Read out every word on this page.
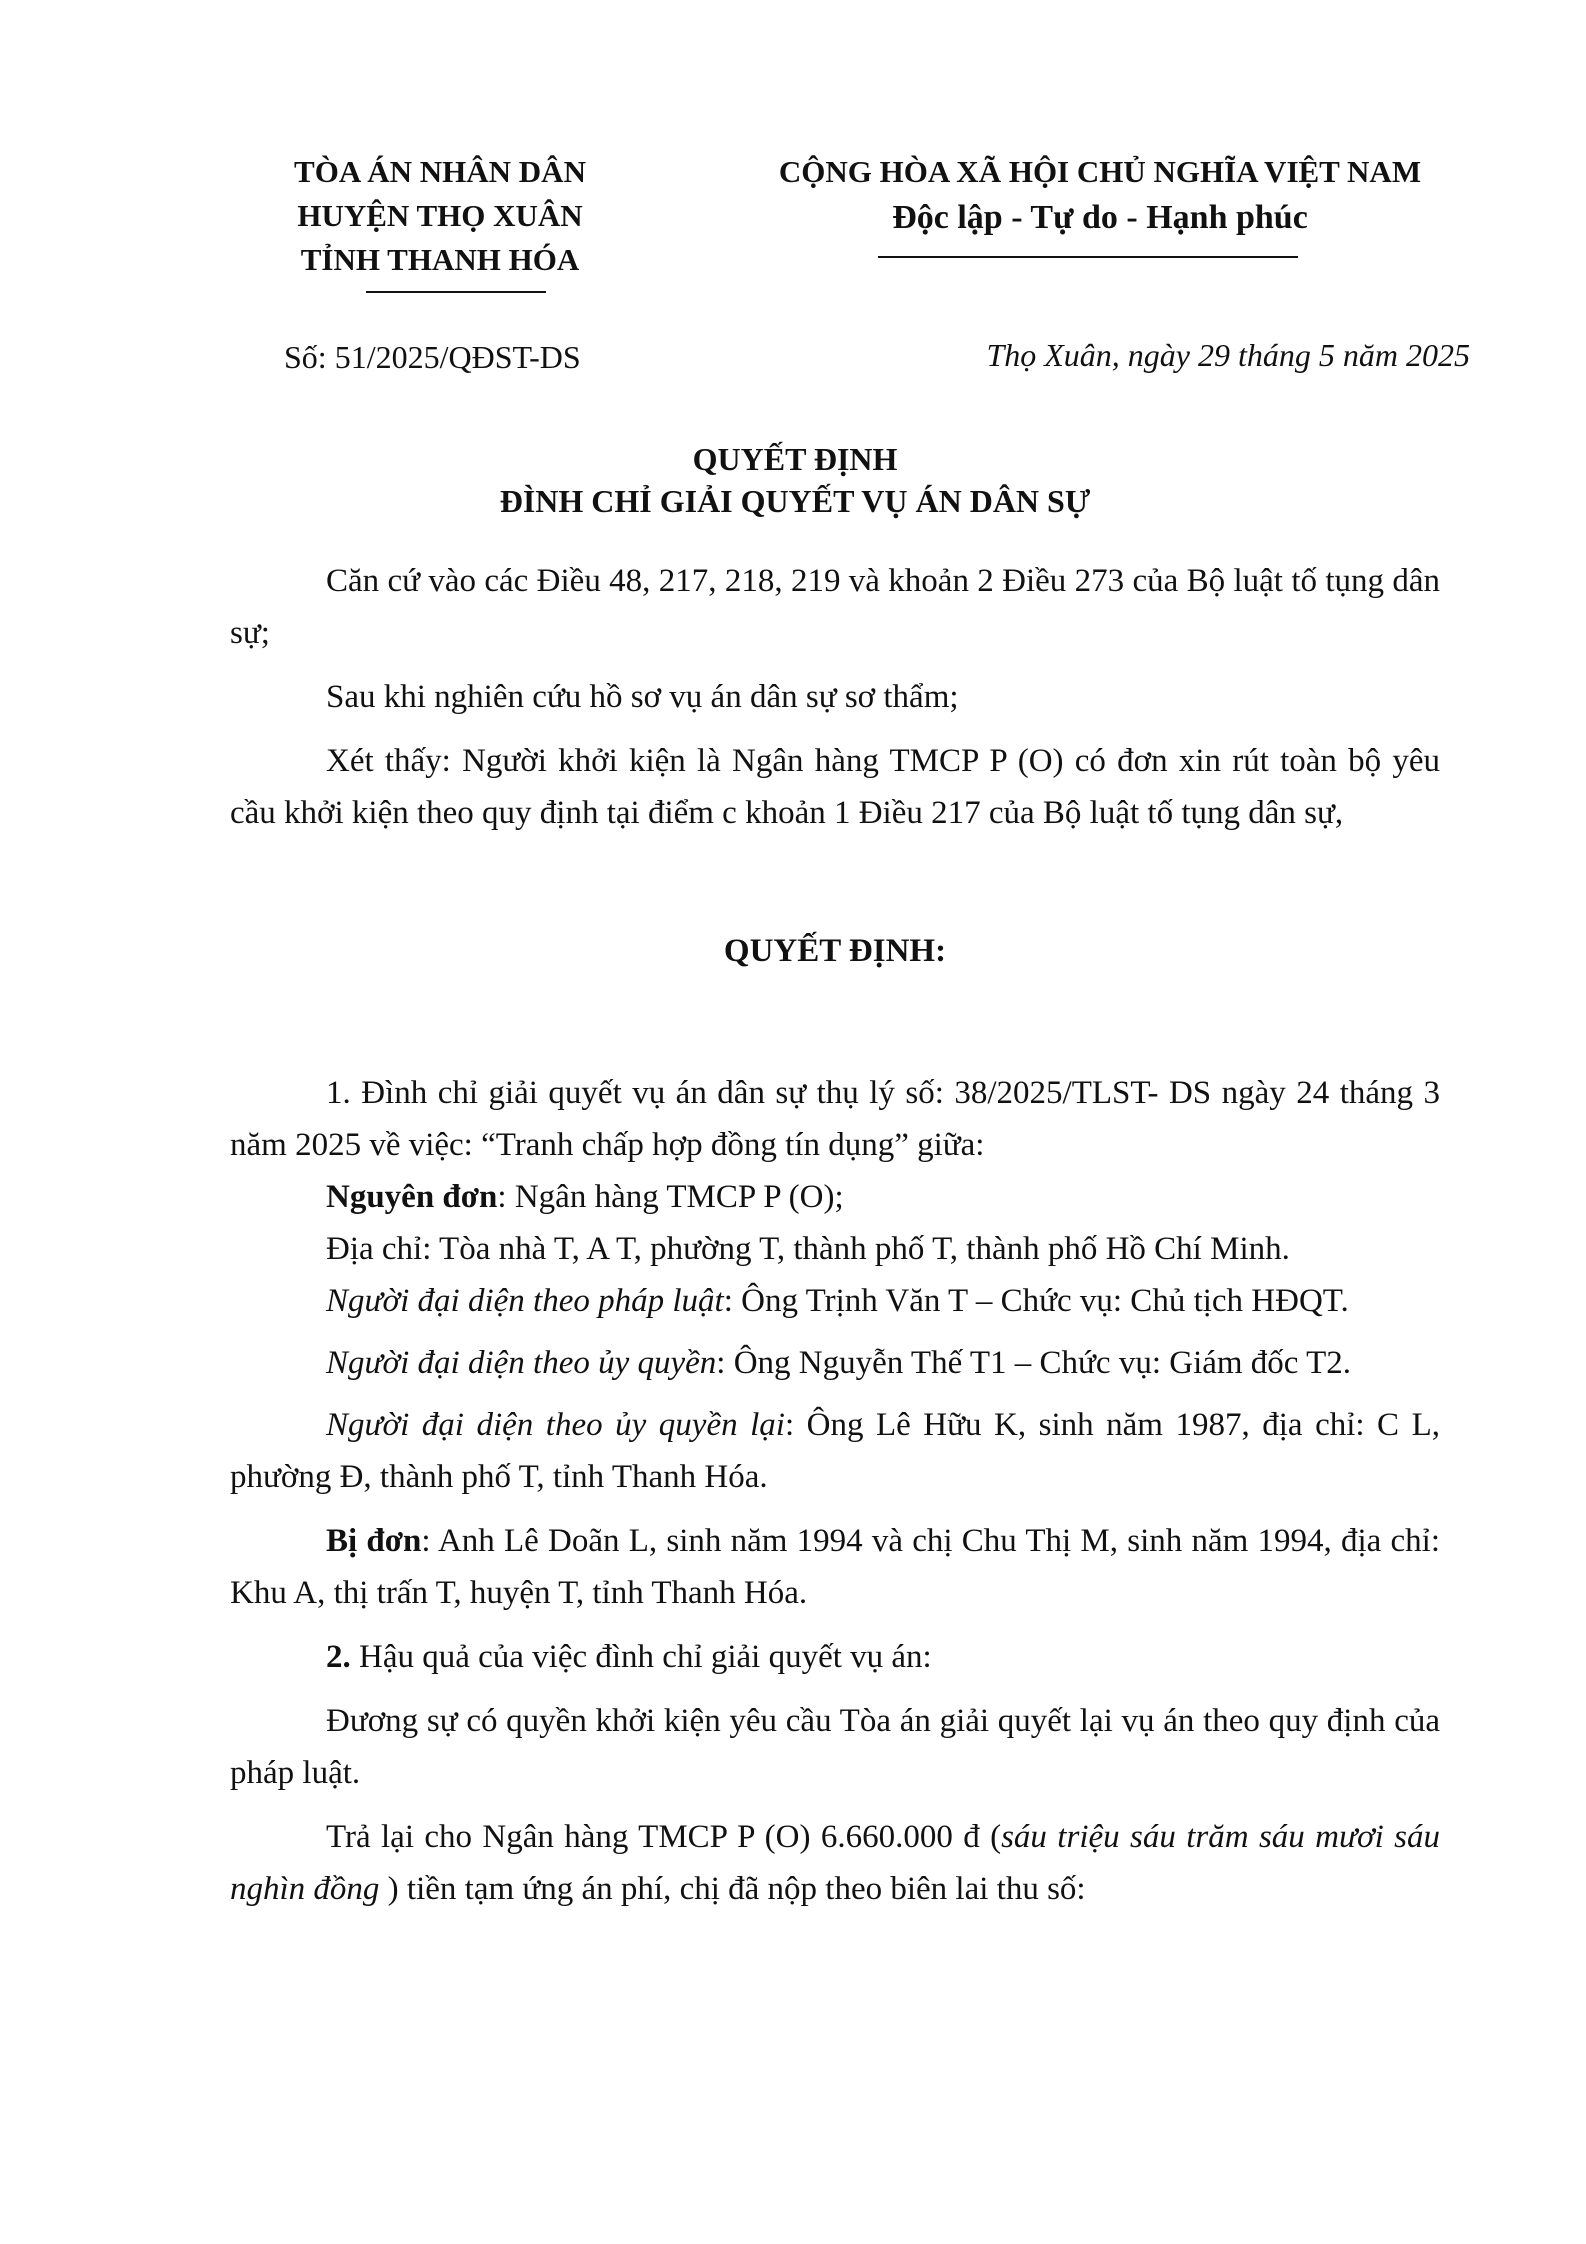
TÒA ÁN NHÂN DÂN
HUYỆN THỌ XUÂN
TỈNH THANH HÓA
CỘNG HÒA XÃ HỘI CHỦ NGHĨA VIỆT NAM
Độc lập - Tự do - Hạnh phúc
Số: 51/2025/QĐST-DS	Thọ Xuân, ngày 29 tháng 5 năm 2025
QUYẾT ĐỊNH
ĐÌNH CHỈ GIẢI QUYẾT VỤ ÁN DÂN SỰ

Căn cứ vào các Điều 48, 217, 218, 219 và khoản 2 Điều 273 của Bộ luật tố tụng dân sự;

Sau khi nghiên cứu hồ sơ vụ án dân sự sơ thẩm;

Xét thấy: Người khởi kiện là Ngân hàng TMCP P (O) có đơn xin rút toàn bộ yêu cầu khởi kiện theo quy định tại điểm c khoản 1 Điều 217 của Bộ luật tố tụng dân sự,

QUYẾT ĐỊNH:

1. Đình chỉ giải quyết vụ án dân sự thụ lý số: 38/2025/TLST- DS ngày 24 tháng 3 năm 2025 về việc: “Tranh chấp hợp đồng tín dụng” giữa:

Nguyên đơn: Ngân hàng TMCP P (O);

Địa chỉ: Tòa nhà T, A T, phường T, thành phố T, thành phố Hồ Chí Minh.

Người đại diện theo pháp luật: Ông Trịnh Văn T – Chức vụ: Chủ tịch HĐQT.

Người đại diện theo ủy quyền: Ông Nguyễn Thế T1 – Chức vụ: Giám đốc T2.

Người đại diện theo ủy quyền lại: Ông Lê Hữu K, sinh năm 1987, địa chỉ: C L, phường Đ, thành phố T, tỉnh Thanh Hóa.

Bị đơn: Anh Lê Doãn L, sinh năm 1994 và chị Chu Thị M, sinh năm 1994, địa chỉ: Khu A, thị trấn T, huyện T, tỉnh Thanh Hóa.

2. Hậu quả của việc đình chỉ giải quyết vụ án:

Đương sự có quyền khởi kiện yêu cầu Tòa án giải quyết lại vụ án theo quy định của pháp luật.

Trả lại cho Ngân hàng TMCP P (O) 6.660.000 đ (sáu triệu sáu trăm sáu mươi sáu nghìn đồng ) tiền tạm ứng án phí, chị đã nộp theo biên lai thu số:
